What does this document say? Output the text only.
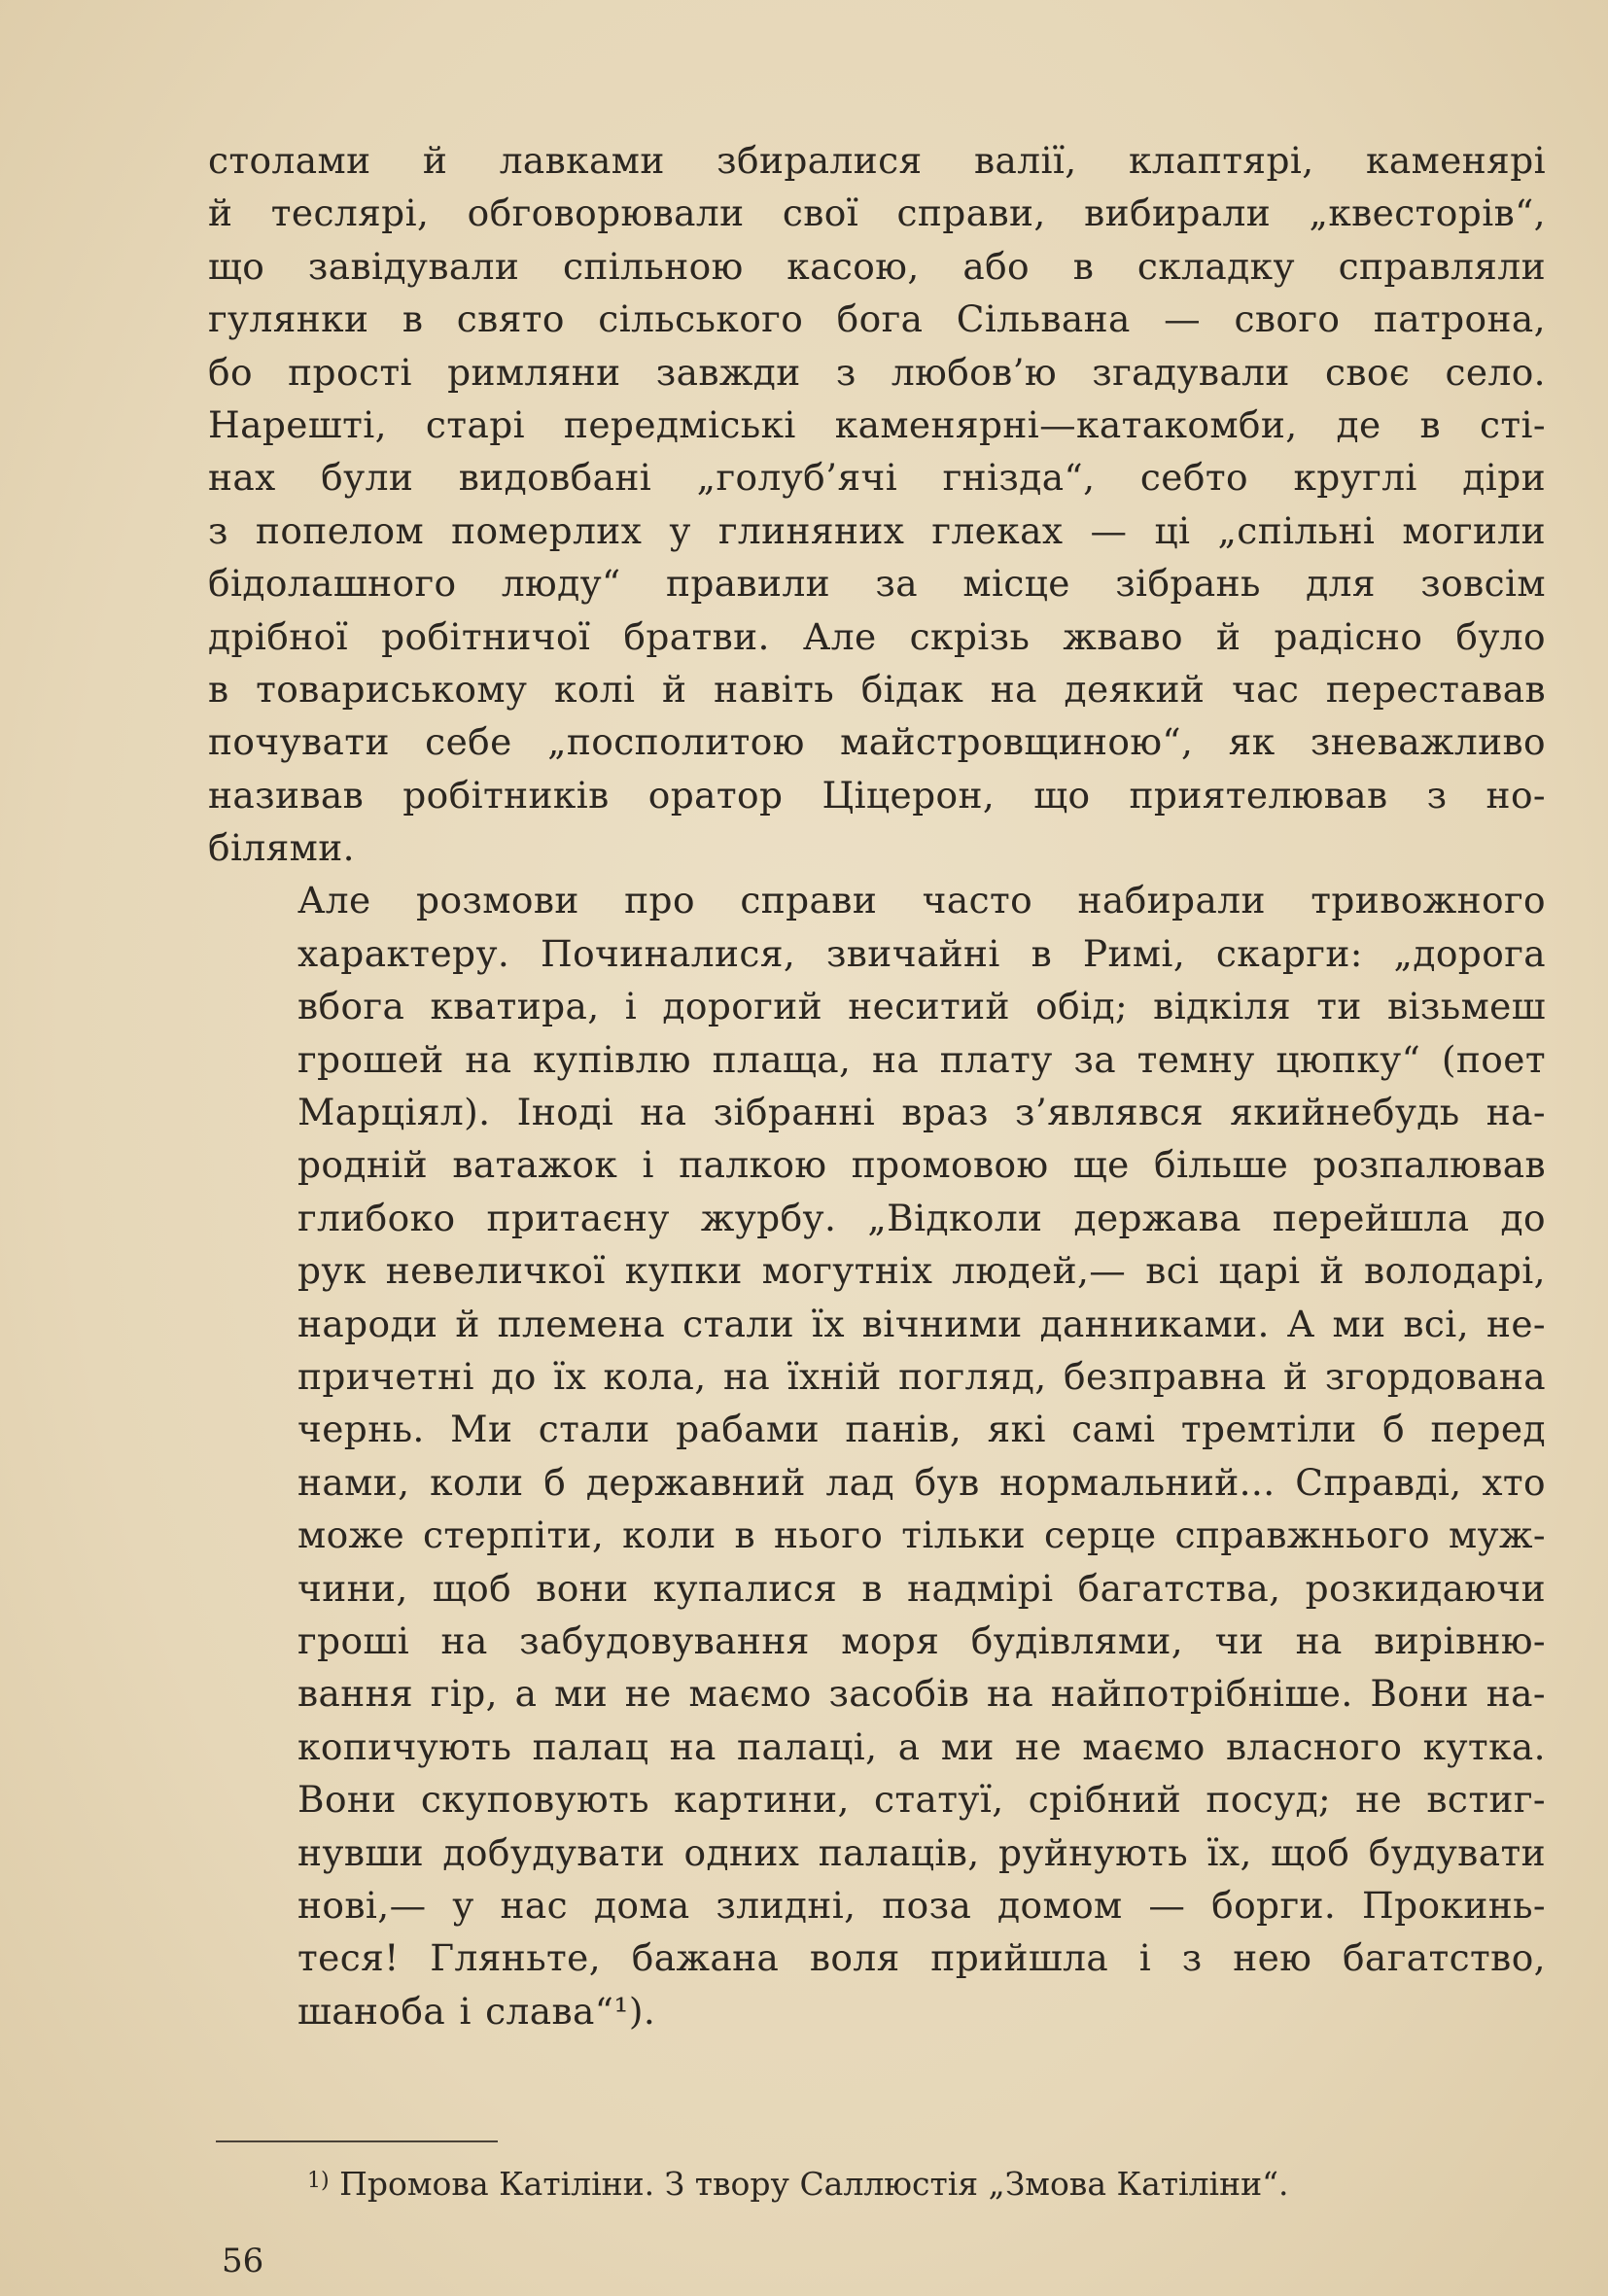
столами й лавками збиралися валії, клаптярі, каменярі
й теслярі, обговорювали свої справи, вибирали „квесторів“,
що завідували спільною касою, або в складку справляли
гулянки в свято сільського бога Сільвана — свого патрона,
бо прості римляни завжди з любов’ю згадували своє село.
Нарешті, старі передміські каменярні—катакомби, де в сті-
нах були видовбані „голуб’ячі гнізда“, себто круглі діри
з попелом померлих у глиняних глеках — ці „спільні могили
бідолашного люду“ правили за місце зібрань для зовсім
дрібної робітничої братви. Але скрізь жваво й радісно було
в товариському колі й навіть бідак на деякий час переставав
почувати себе „посполитою майстровщиною“, як зневажливо
називав робітників оратор Ціцерон, що приятелював з но-
білями.

Але розмови про справи часто набирали тривожного
характеру. Починалися, звичайні в Римі, скарги: „дорога
вбога кватира, і дорогий неситий обід; відкіля ти візьмеш
грошей на купівлю плаща, на плату за темну цюпку“ (поет
Марціял). Іноді на зібранні враз з’являвся якийнебудь на-
родній ватажок і палкою промовою ще більше розпалював
глибоко притаєну журбу. „Відколи держава перейшла до
рук невеличкої купки могутніх людей,— всі царі й володарі,
народи й племена стали їх вічними данниками. А ми всі, не-
причетні до їх кола, на їхній погляд, безправна й згордована
чернь. Ми стали рабами панів, які самі тремтіли б перед
нами, коли б державний лад був нормальний... Справді, хто
може стерпіти, коли в нього тільки серце справжнього муж-
чини, щоб вони купалися в надмірі багатства, розкидаючи
гроші на забудовування моря будівлями, чи на вирівню-
вання гір, а ми не маємо засобів на найпотрібніше. Вони на-
копичують палац на палаці, а ми не маємо власного кутка.
Вони скуповують картини, статуї, срібний посуд; не встиг-
нувши добудувати одних палаців, руйнують їх, щоб будувати
нові,— у нас дома злидні, поза домом — борги. Прокинь-
теся! Гляньте, бажана воля прийшла і з нею багатство,
шаноба і слава“¹).

$^{1)}$ Промова Катіліни. З твору Саллюстія „Змова Катіліни“.
56
